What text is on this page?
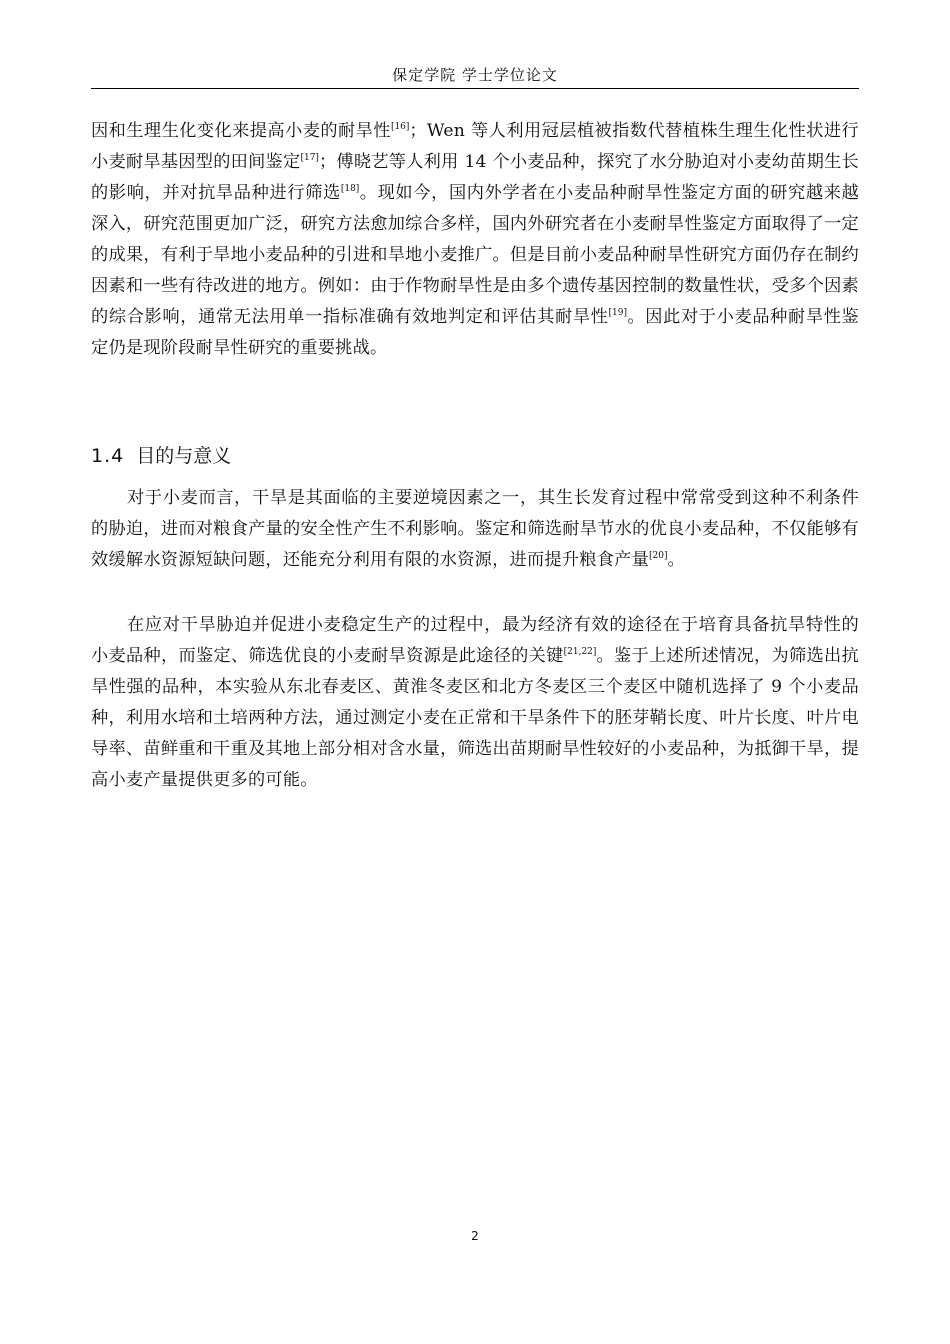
保定学院 学士学位论文
因和生理生化变化来提高小麦的耐旱性[16]；Wen 等人利用冠层植被指数代替植株生理生化性状进行小麦耐旱基因型的田间鉴定[17]；傅晓艺等人利用 14 个小麦品种，探究了水分胁迫对小麦幼苗期生长的影响，并对抗旱品种进行筛选[18]。现如今，国内外学者在小麦品种耐旱性鉴定方面的研究越来越深入，研究范围更加广泛，研究方法愈加综合多样，国内外研究者在小麦耐旱性鉴定方面取得了一定的成果，有利于旱地小麦品种的引进和旱地小麦推广。但是目前小麦品种耐旱性研究方面仍存在制约因素和一些有待改进的地方。例如：由于作物耐旱性是由多个遗传基因控制的数量性状，受多个因素的综合影响，通常无法用单一指标准确有效地判定和评估其耐旱性[19]。因此对于小麦品种耐旱性鉴定仍是现阶段耐旱性研究的重要挑战。
1.4 目的与意义
对于小麦而言，干旱是其面临的主要逆境因素之一，其生长发育过程中常常受到这种不利条件的胁迫，进而对粮食产量的安全性产生不利影响。鉴定和筛选耐旱节水的优良小麦品种，不仅能够有效缓解水资源短缺问题，还能充分利用有限的水资源，进而提升粮食产量[20]。
在应对干旱胁迫并促进小麦稳定生产的过程中，最为经济有效的途径在于培育具备抗旱特性的小麦品种，而鉴定、筛选优良的小麦耐旱资源是此途径的关键[21,22]。鉴于上述所述情况，为筛选出抗旱性强的品种，本实验从东北春麦区、黄淮冬麦区和北方冬麦区三个麦区中随机选择了 9 个小麦品种，利用水培和土培两种方法，通过测定小麦在正常和干旱条件下的胚芽鞘长度、叶片长度、叶片电导率、苗鲜重和干重及其地上部分相对含水量，筛选出苗期耐旱性较好的小麦品种，为抵御干旱，提高小麦产量提供更多的可能。
2
